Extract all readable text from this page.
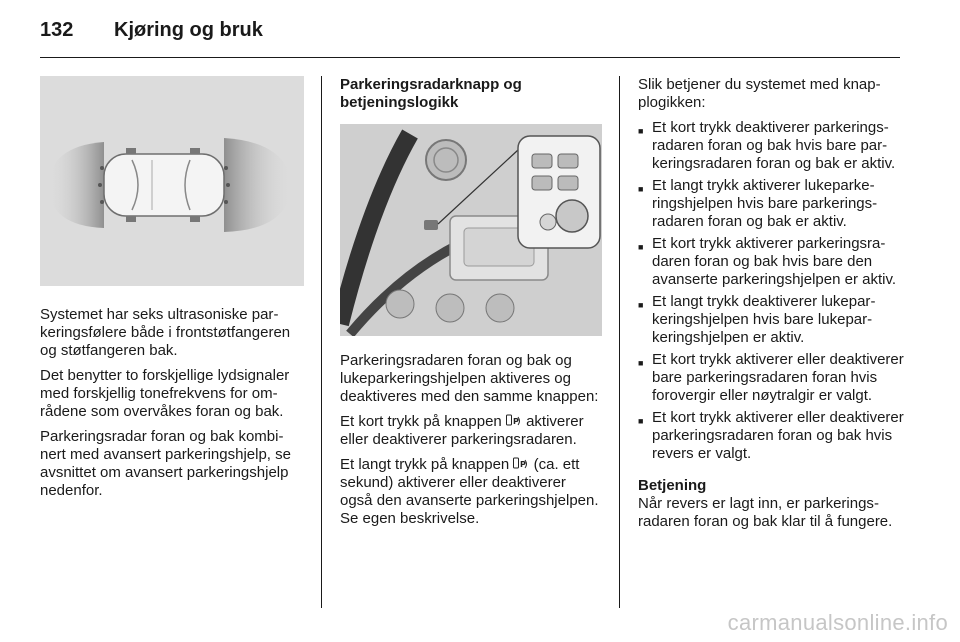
132	Kjøring og bruk

Systemet har seks ultrasoniske parkeringsfølere både i frontstøtfangeren og støtfangeren bak.

Det benytter to forskjellige lydsignaler med forskjellig tonefrekvens for områdene som overvåkes foran og bak.

Parkeringsradar foran og bak kombinert med avansert parkeringshjelp, se avsnittet om avansert parkeringshjelp nedenfor.

Parkeringsradarknapp og betjeningslogikk

Parkeringsradaren foran og bak og lukeparkeringshjelpen aktiveres og deaktiveres med den samme knappen:

Et kort trykk på knappen P aktiverer eller deaktiverer parkeringsradaren.

Et langt trykk på knappen P (ca. ett sekund) aktiverer eller deaktiverer også den avanserte parkeringshjelpen. Se egen beskrivelse.

Slik betjener du systemet med knapplogikken:

■ Et kort trykk deaktiverer parkeringsradaren foran og bak hvis bare parkeringsradaren foran og bak er aktiv.
■ Et langt trykk aktiverer lukeparkeringshjelpen hvis bare parkeringsradaren foran og bak er aktiv.
■ Et kort trykk aktiverer parkeringsradaren foran og bak hvis bare den avanserte parkeringshjelpen er aktiv.
■ Et langt trykk deaktiverer lukeparkeringshjelpen hvis bare lukeparkeringshjelpen er aktiv.
■ Et kort trykk aktiverer eller deaktiverer bare parkeringsradaren foran hvis forovergir eller nøytralgir er valgt.
■ Et kort trykk aktiverer eller deaktiverer parkeringsradaren foran og bak hvis revers er valgt.

Betjening

Når revers er lagt inn, er parkeringsradaren foran og bak klar til å fungere.

carmanualsonline.info
